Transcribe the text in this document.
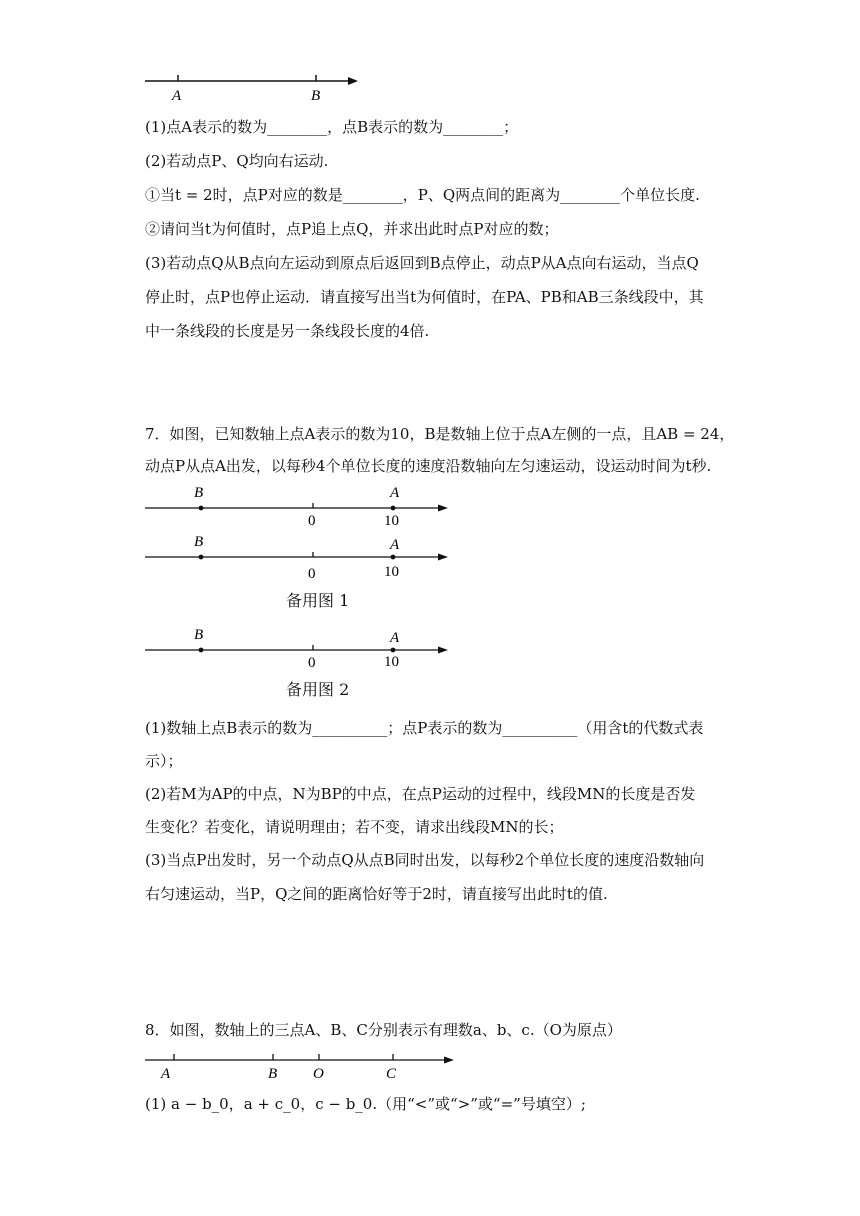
A	B
(1)点A表示的数为________，点B表示的数为________；
(2)若动点P、Q均向右运动.
①当t = 2时，点P对应的数是________，P、Q两点间的距离为________个单位长度.
②请问当t为何值时，点P追上点Q，并求出此时点P对应的数；
(3)若动点Q从B点向左运动到原点后返回到B点停止，动点P从A点向右运动，当点Q
停止时，点P也停止运动．请直接写出当t为何值时，在PA、PB和AB三条线段中，其
中一条线段的长度是另一条线段长度的4倍.
7．如图，已知数轴上点A表示的数为10，B是数轴上位于点A左侧的一点，且AB = 24，
动点P从点A出发，以每秒4个单位长度的速度沿数轴向左匀速运动，设运动时间为t秒.
B	A
0	10
B	A
0	10
B	A
0	10
备用图 1
备用图 2
(1)数轴上点B表示的数为__________；点P表示的数为__________（用含t的代数式表
示）；
(2)若M为AP的中点，N为BP的中点，在点P运动的过程中，线段MN的长度是否发
生变化？若变化，请说明理由；若不变，请求出线段MN的长；
(3)当点P出发时，另一个动点Q从点B同时出发，以每秒2个单位长度的速度沿数轴向
右匀速运动，当P，Q之间的距离恰好等于2时，请直接写出此时t的值.
8．如图，数轴上的三点A、B、C分别表示有理数a、b、c.（O为原点）
A	B O	C
(1) a − b_0，a + c_0，c − b_0.（用“<”或“>”或“=”号填空）;
